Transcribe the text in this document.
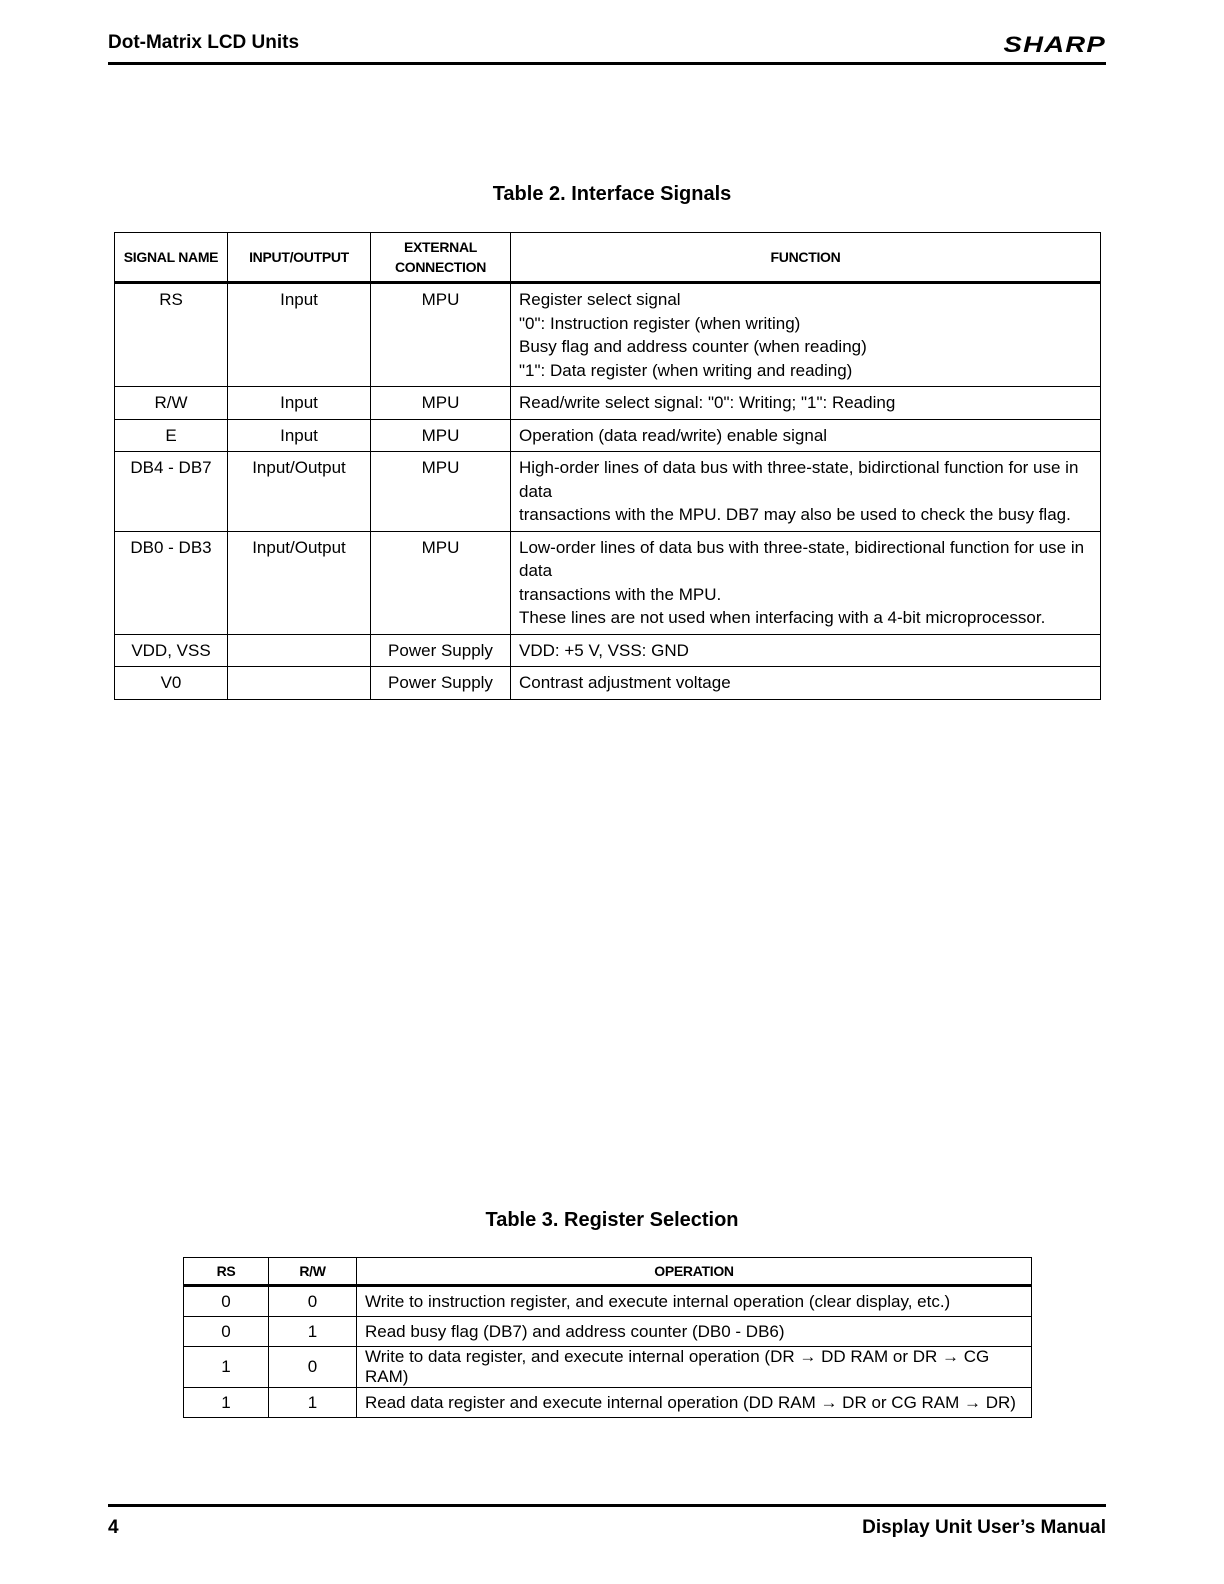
Dot-Matrix LCD Units	SHARP
Table 2. Interface Signals
SIGNAL NAME	INPUT/OUTPUT	EXTERNAL CONNECTION	FUNCTION
RS	Input	MPU	Register select signal
"0": Instruction register (when writing)
Busy flag and address counter (when reading)
"1": Data register (when writing and reading)

R/W	Input	MPU	Read/write select signal: "0": Writing; "1": Reading
E	Input	MPU	Operation (data read/write) enable signal
DB4 - DB7	Input/Output	MPU	High-order lines of data bus with three-state, bidirctional function for use in data
transactions with the MPU. DB7 may also be used to check the busy flag.

DB0 - DB3	Input/Output	MPU	Low-order lines of data bus with three-state, bidirectional function for use in data
transactions with the MPU.
These lines are not used when interfacing with a 4-bit microprocessor.

VDD, VSS		Power Supply	VDD: +5 V, VSS: GND
V0		Power Supply	Contrast adjustment voltage
Table 3. Register Selection
RS	R/W	OPERATION
0	0	Write to instruction register, and execute internal operation (clear display, etc.)
0	1	Read busy flag (DB7) and address counter (DB0 - DB6)
1	0	Write to data register, and execute internal operation (DR → DD RAM or DR → CG RAM)
1	1	Read data register and execute internal operation (DD RAM → DR or CG RAM → DR)
4	Display Unit User’s Manual
